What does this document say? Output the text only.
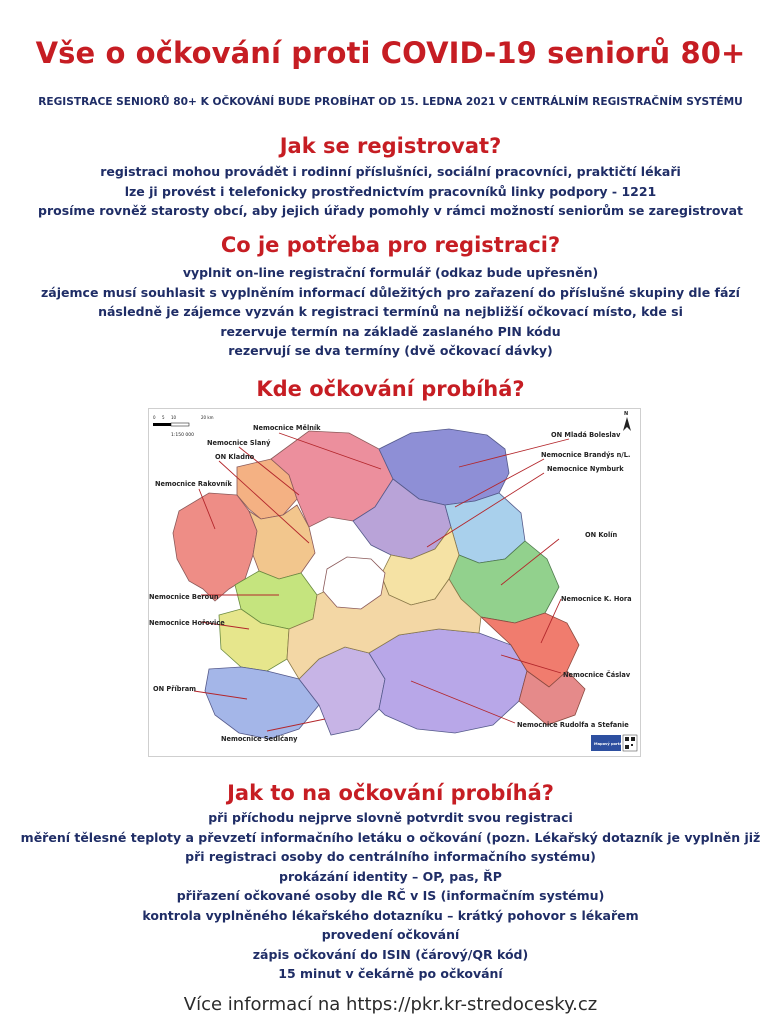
Vše o očkování proti COVID-19 seniorů 80+
REGISTRACE SENIORŮ 80+ K OČKOVÁNÍ BUDE PROBÍHAT OD 15. LEDNA 2021 V CENTRÁLNÍM REGISTRAČNÍM SYSTÉMU
Jak se registrovat?

registraci mohou provádět i rodinní příslušníci, sociální pracovníci, praktičtí lékaři

lze ji provést i telefonicky prostřednictvím pracovníků linky podpory - 1221

prosíme rovněž starosty obcí, aby jejich úřady pomohly v rámci možností seniorům se zaregistrovat

Co je potřeba pro registraci?

vyplnit on-line registrační formulář (odkaz bude upřesněn)

zájemce musí souhlasit s vyplněním informací důležitých pro zařazení do příslušné skupiny dle fází

následně je zájemce vyzván k registraci termínů na nejbližší očkovací místo, kde si rezervuje termín na základě zaslaného PIN kódu

rezervují se dva termíny (dvě očkovací dávky)

Kde očkování probíhá?
0 5 10	20 km
1:150 000
N
Nemocnice Mělník
Nemocnice Slaný
ON Kladno
Nemocnice Rakovník
ON Mladá Boleslav
Nemocnice Brandýs n/L.
Nemocnice Nymburk
ON Kolín
Nemocnice Beroun
Nemocnice Hořovice
Nemocnice K. Hora
ON Příbram
Nemocnice Čáslav
Nemocnice Rudolfa a Stefanie
Nemocnice Sedlčany
Mapový portál
Jak to na očkování probíhá?

při příchodu nejprve slovně potvrdit svou registraci

měření tělesné teploty a převzetí informačního letáku o očkování (pozn. Lékařský dotazník je vyplněn již při registraci osoby do centrálního informačního systému)

prokázání identity – OP, pas, ŘP

přiřazení očkované osoby dle RČ v IS (informačním systému)

kontrola vyplněného lékařského dotazníku – krátký pohovor s lékařem

provedení očkování

zápis očkování do ISIN (čárový/QR kód)

15 minut v čekárně po očkování

Více informací na https://pkr.kr-stredocesky.cz
